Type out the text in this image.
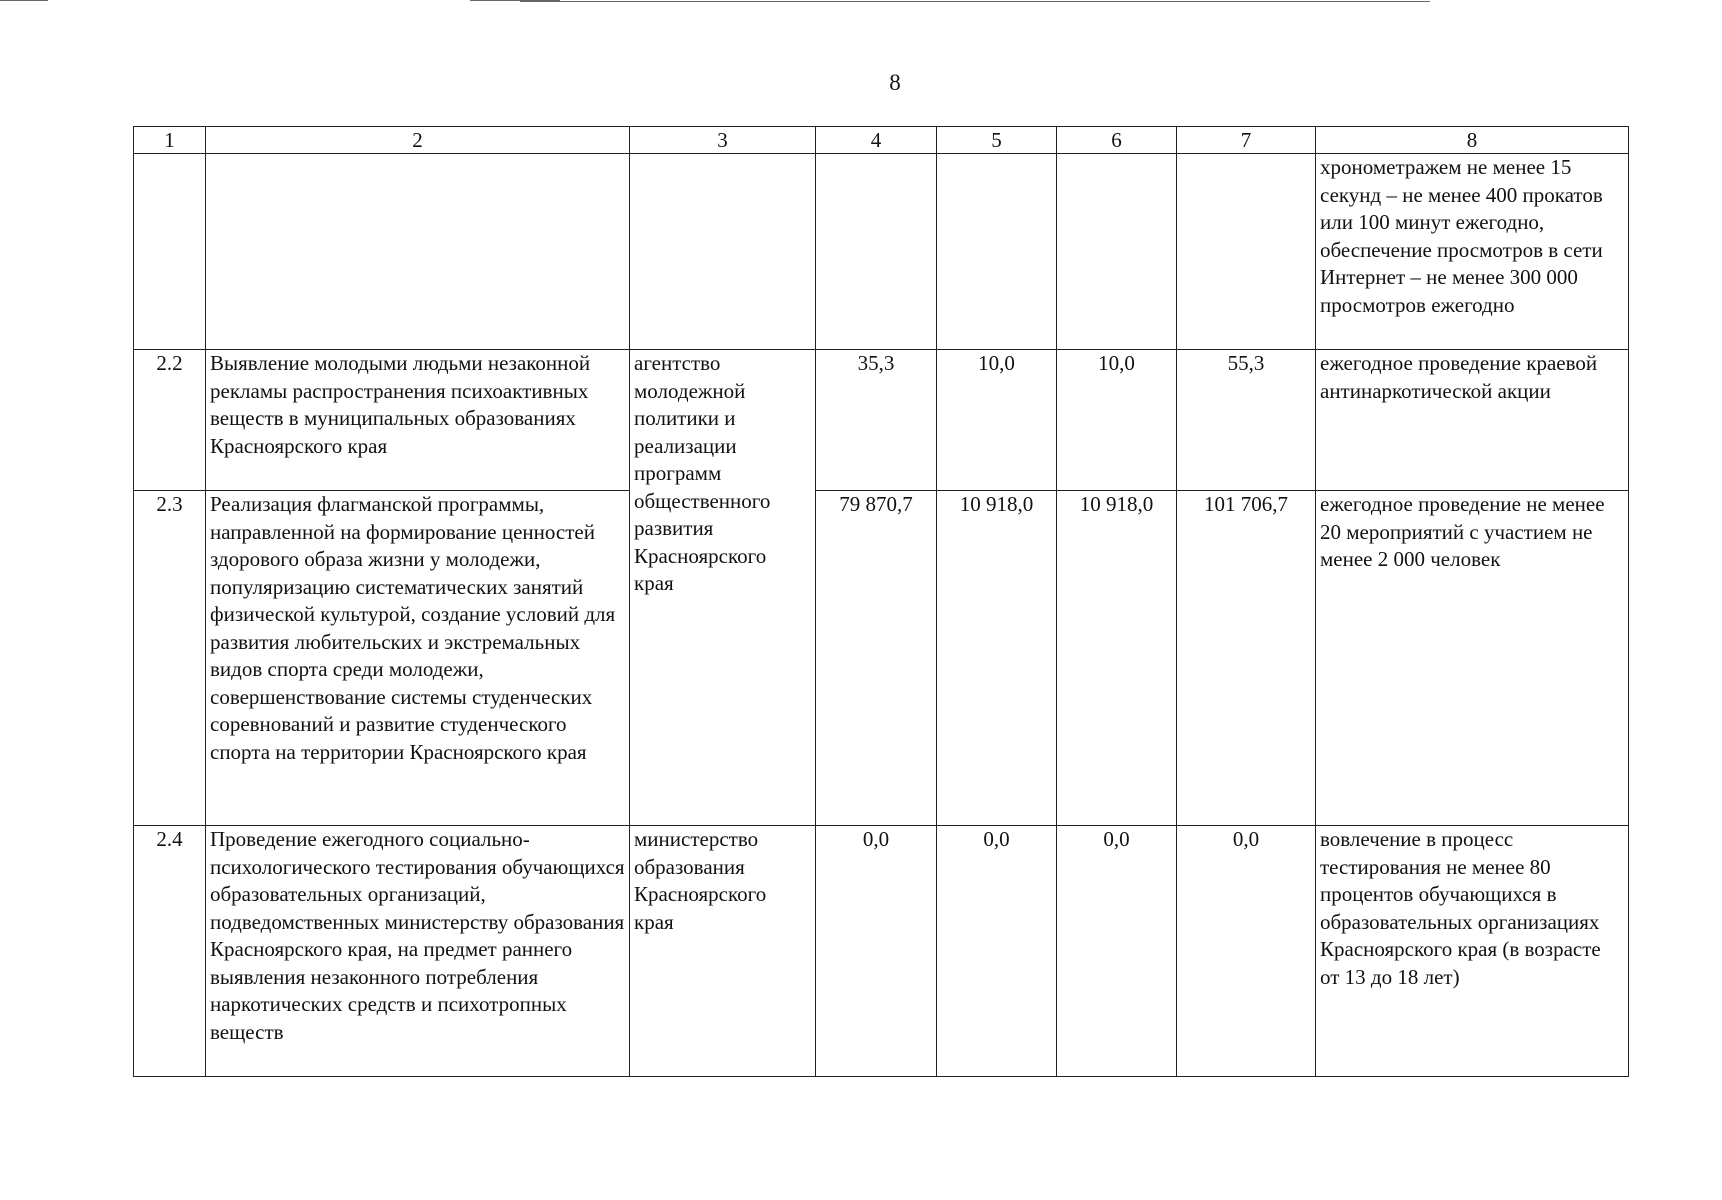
8
1	2	3	4	5	6	7	8
							хронометражем не менее 15 секунд – не менее 400 прокатов или 100 минут ежегодно, обеспечение просмотров в сети Интернет – не менее 300 000 просмотров ежегодно
2.2	Выявление молодыми людьми незаконной рекламы распространения психоактивных веществ в муниципальных образованиях Красноярского края	агентство молодежной политики и реализации программ общественного развития Красноярского края	35,3	10,0	10,0	55,3	ежегодное проведение краевой антинаркотической акции
2.3	Реализация флагманской программы, направленной на формирование ценностей здорового образа жизни у молодежи, популяризацию систематических занятий физической культурой, создание условий для развития любительских и экстремальных видов спорта среди молодежи, совершенствование системы студенческих соревнований и развитие студенческого спорта на территории Красноярского края		79 870,7	10 918,0	10 918,0	101 706,7	ежегодное проведение не менее 20 мероприятий с участием не менее 2 000 человек
2.4	Проведение ежегодного социально-психологического тестирования обучающихся образовательных организаций, подведомственных министерству образования Красноярского края, на предмет раннего выявления незаконного потребления наркотических средств и психотропных веществ	министерство образования Красноярского края	0,0	0,0	0,0	0,0	вовлечение в процесс тестирования не менее 80 процентов обучающихся в образовательных организациях Красноярского края (в возрасте от 13 до 18 лет)
